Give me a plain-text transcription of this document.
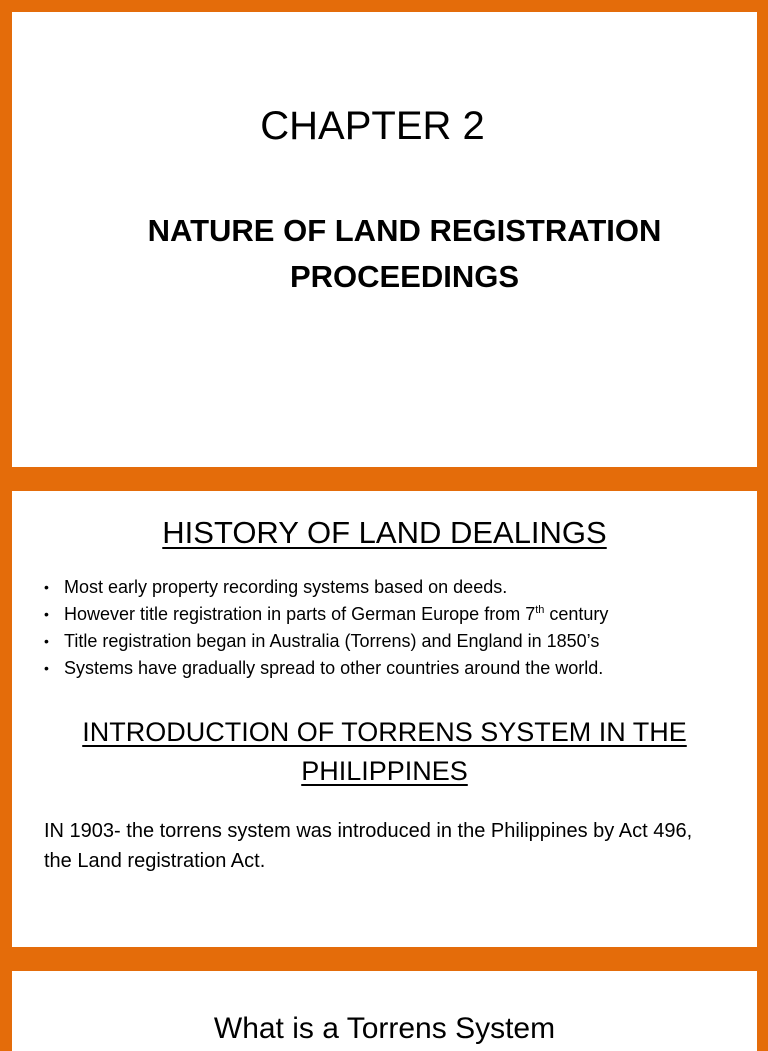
CHAPTER 2
NATURE OF LAND REGISTRATION PROCEEDINGS
HISTORY OF LAND DEALINGS
• Most early property recording systems based on deeds.
• However title registration in parts of German Europe from 7th century
• Title registration began in Australia (Torrens) and England in 1850’s
• Systems have gradually spread to other countries around the world.
INTRODUCTION OF TORRENS SYSTEM IN THE PHILIPPINES
IN 1903- the torrens system was introduced in the Philippines by Act 496, the Land registration Act.
What is a Torrens System
